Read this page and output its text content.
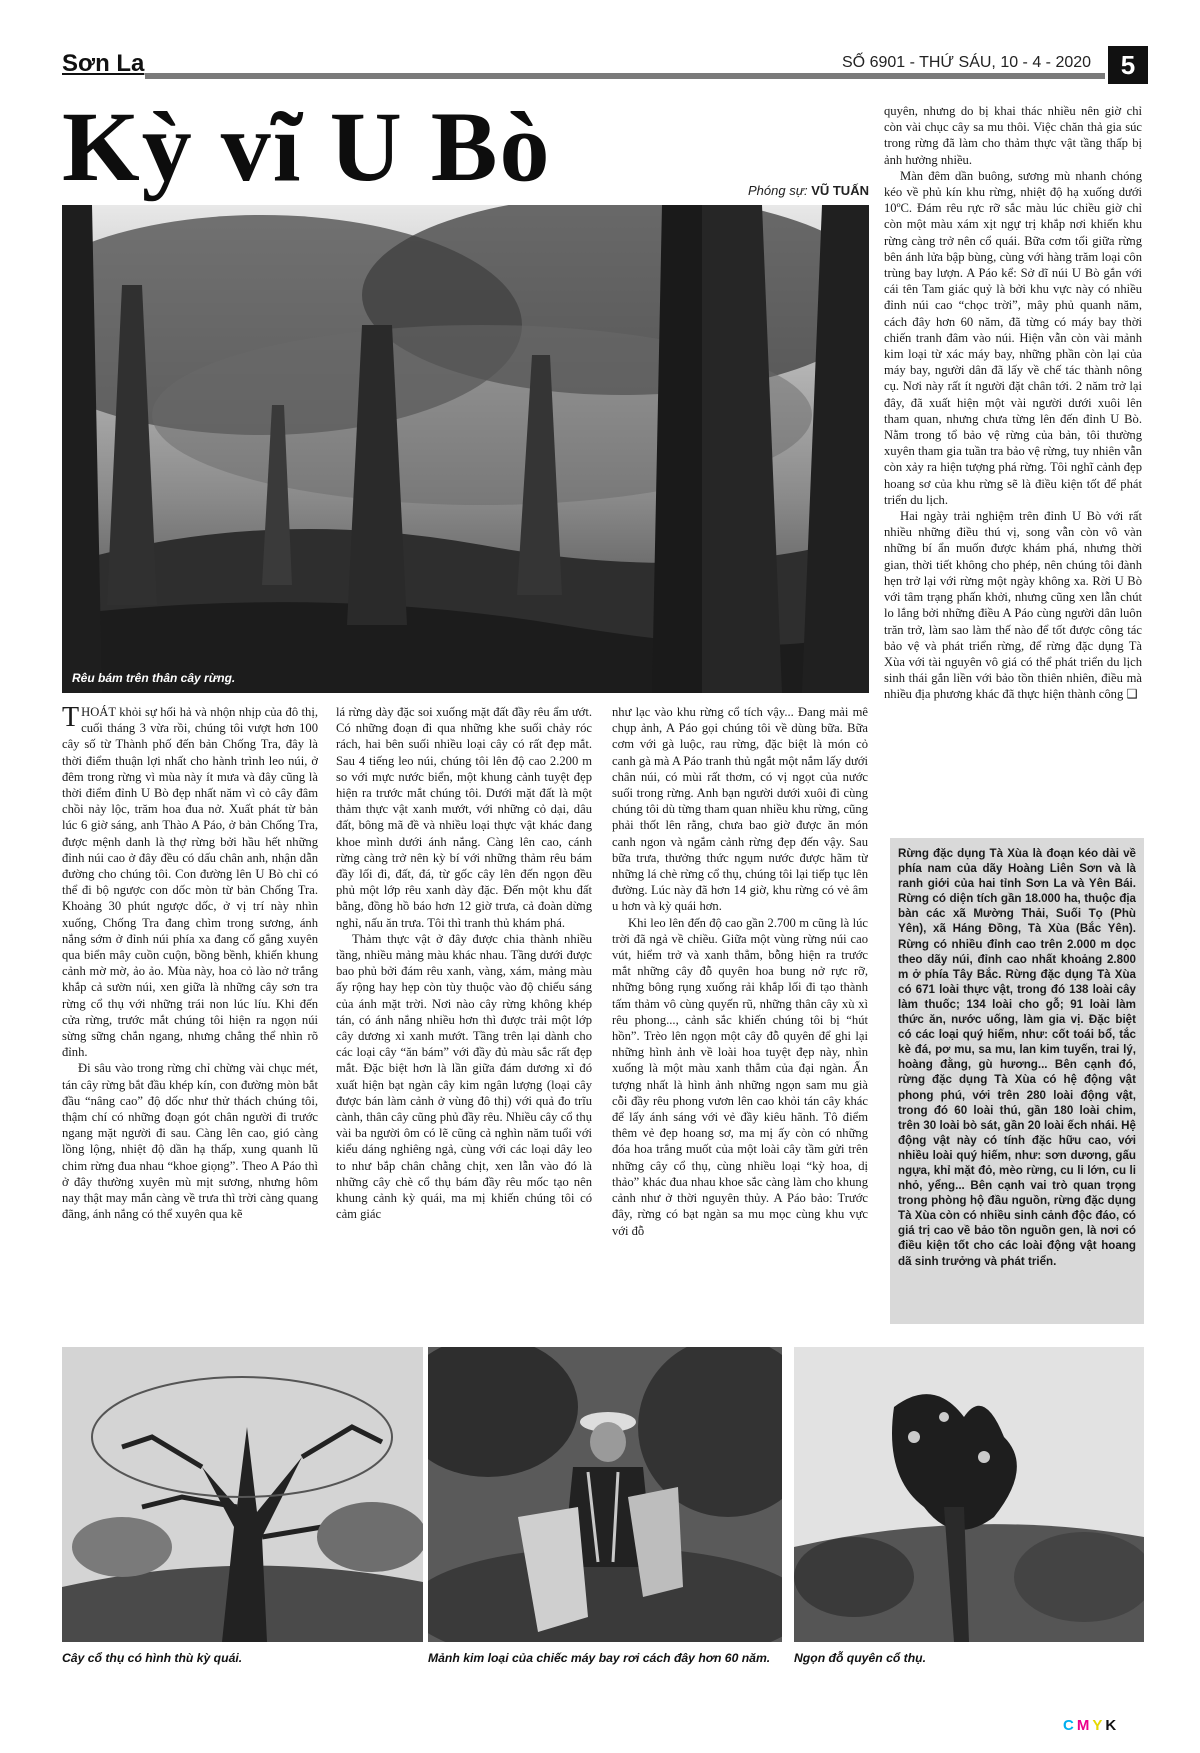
Sơn La	SỐ 6901 - THỨ SÁU, 10 - 4 - 2020	5
Kỳ vĩ U Bò	Phóng sự: VŨ TUẤN
Rêu bám trên thân cây rừng.

quyên, nhưng do bị khai thác nhiều nên giờ chỉ còn vài chục cây sa mu thôi. Việc chăn thả gia súc trong rừng đã làm cho thảm thực vật tầng thấp bị ảnh hưởng nhiều.

Màn đêm dần buông, sương mù nhanh chóng kéo về phủ kín khu rừng, nhiệt độ hạ xuống dưới 10ºC. Đám rêu rực rỡ sắc màu lúc chiều giờ chỉ còn một màu xám xịt ngự trị khắp nơi khiến khu rừng càng trở nên cổ quái. Bữa cơm tối giữa rừng bên ánh lửa bập bùng, cùng với hàng trăm loại côn trùng bay lượn. A Páo kể: Sở dĩ núi U Bò gắn với cái tên Tam giác quỷ là bởi khu vực này có nhiều đỉnh núi cao “chọc trời”, mây phủ quanh năm, cách đây hơn 60 năm, đã từng có máy bay thời chiến tranh đâm vào núi. Hiện vẫn còn vài mảnh kim loại từ xác máy bay, những phần còn lại của máy bay, người dân đã lấy về chế tác thành nông cụ. Nơi này rất ít người đặt chân tới. 2 năm trở lại đây, đã xuất hiện một vài người dưới xuôi lên tham quan, nhưng chưa từng lên đến đỉnh U Bò. Nằm trong tổ bảo vệ rừng của bản, tôi thường xuyên tham gia tuần tra bảo vệ rừng, tuy nhiên vẫn còn xảy ra hiện tượng phá rừng. Tôi nghĩ cảnh đẹp hoang sơ của khu rừng sẽ là điều kiện tốt để phát triển du lịch.

Hai ngày trải nghiệm trên đỉnh U Bò với rất nhiều những điều thú vị, song vẫn còn vô vàn những bí ẩn muốn được khám phá, nhưng thời gian, thời tiết không cho phép, nên chúng tôi đành hẹn trở lại với rừng một ngày không xa. Rời U Bò với tâm trạng phấn khởi, nhưng cũng xen lẫn chút lo lắng bởi những điều A Páo cùng người dân luôn trăn trở, làm sao làm thế nào để tốt được công tác bảo vệ và phát triển rừng, để rừng đặc dụng Tà Xùa với tài nguyên vô giá có thể phát triển du lịch sinh thái gắn liền với bảo tồn thiên nhiên, điều mà nhiều địa phương khác đã thực hiện thành công ❑

THOÁT khỏi sự hối hả và nhộn nhịp của đô thị, cuối tháng 3 vừa rồi, chúng tôi vượt hơn 100 cây số từ Thành phố đến bản Chống Tra, đây là thời điểm thuận lợi nhất cho hành trình leo núi, ở đêm trong rừng vì mùa này ít mưa và đây cũng là thời điểm đỉnh U Bò đẹp nhất năm vì cỏ cây đâm chồi nảy lộc, trăm hoa đua nở. Xuất phát từ bản lúc 6 giờ sáng, anh Thào A Páo, ở bản Chống Tra, được mệnh danh là thợ rừng bởi hầu hết những đỉnh núi cao ở đây đều có dấu chân anh, nhận dẫn đường cho chúng tôi. Con đường lên U Bò chỉ có thể đi bộ ngược con dốc mòn từ bản Chống Tra. Khoảng 30 phút ngược dốc, ở vị trí này nhìn xuống, Chống Tra đang chìm trong sương, ánh nắng sớm ở đỉnh núi phía xa đang cố gắng xuyên qua biển mây cuồn cuộn, bồng bềnh, khiến khung cảnh mờ mờ, ảo ảo. Mùa này, hoa cỏ lào nở trắng khắp cả sườn núi, xen giữa là những cây sơn tra rừng cổ thụ với những trái non lúc líu. Khi đến cửa rừng, trước mắt chúng tôi hiện ra ngọn núi sừng sững chắn ngang, nhưng chẳng thể nhìn rõ đỉnh.

Đi sâu vào trong rừng chỉ chừng vài chục mét, tán cây rừng bắt đầu khép kín, con đường mòn bắt đầu “nâng cao” độ dốc như thử thách chúng tôi, thậm chí có những đoạn gót chân người đi trước ngang mặt người đi sau. Càng lên cao, gió càng lồng lộng, nhiệt độ dần hạ thấp, xung quanh lũ chim rừng đua nhau “khoe giọng”. Theo A Páo thì ở đây thường xuyên mù mịt sương, nhưng hôm nay thật may mắn càng về trưa thì trời càng quang đãng, ánh nắng có thể xuyên qua kẽ

lá rừng dày đặc soi xuống mặt đất đầy rêu ẩm ướt. Có những đoạn đi qua những khe suối chảy róc rách, hai bên suối nhiều loại cây có rất đẹp mắt. Sau 4 tiếng leo núi, chúng tôi lên độ cao 2.200 m so với mực nước biển, một khung cảnh tuyệt đẹp hiện ra trước mắt chúng tôi. Dưới mặt đất là một thảm thực vật xanh mướt, với những cỏ dại, dâu đất, bông mã đề và nhiều loại thực vật khác đang khoe mình dưới ánh nắng. Càng lên cao, cánh rừng càng trở nên kỳ bí với những thảm rêu bám đầy lối đi, đất, đá, từ gốc cây lên đến ngọn đều phủ một lớp rêu xanh dày đặc. Đến một khu đất bằng, đồng hồ báo hơn 12 giờ trưa, cả đoàn dừng nghỉ, nấu ăn trưa. Tôi thì tranh thủ khám phá.

Thảm thực vật ở đây được chia thành nhiều tầng, nhiều mảng màu khác nhau. Tầng dưới được bao phủ bởi đám rêu xanh, vàng, xám, mảng màu ấy rộng hay hẹp còn tùy thuộc vào độ chiếu sáng của ánh mặt trời. Nơi nào cây rừng không khép tán, có ánh nắng nhiều hơn thì được trải một lớp cây dương xỉ xanh mướt. Tầng trên lại dành cho các loại cây “ăn bám” với đầy đủ màu sắc rất đẹp mắt. Đặc biệt hơn là lần giữa đám dương xỉ đó xuất hiện bạt ngàn cây kim ngân lượng (loại cây được bán làm cảnh ở vùng đô thị) với quả đo trĩu cành, thân cây cũng phủ đầy rêu. Nhiều cây cổ thụ vài ba người ôm có lẽ cũng cả nghìn năm tuổi với kiểu dáng nghiêng ngả, cùng với các loại dây leo to như bắp chân chằng chịt, xen lẫn vào đó là những cây chè cổ thụ bám đầy rêu mốc tạo nên khung cảnh kỳ quái, ma mị khiến chúng tôi có cảm giác

như lạc vào khu rừng cổ tích vậy... Đang mải mê chụp ảnh, A Páo gọi chúng tôi về dùng bữa. Bữa cơm với gà luộc, rau rừng, đặc biệt là món cỏ canh gà mà A Páo tranh thủ ngắt một nắm lấy dưới chân núi, có mùi rất thơm, có vị ngọt của nước suối trong rừng. Anh bạn người dưới xuôi đi cùng chúng tôi dù từng tham quan nhiều khu rừng, cũng phải thốt lên rằng, chưa bao giờ được ăn món canh ngon và ngắm cảnh rừng đẹp đến vậy. Sau bữa trưa, thưởng thức ngụm nước được hãm từ những lá chè rừng cổ thụ, chúng tôi lại tiếp tục lên đường. Lúc này đã hơn 14 giờ, khu rừng có vẻ âm u hơn và kỳ quái hơn.

Khi leo lên đến độ cao gần 2.700 m cũng là lúc trời đã ngả về chiều. Giữa một vùng rừng núi cao vút, hiểm trở và xanh thẳm, bỗng hiện ra trước mắt những cây đỗ quyên hoa bung nở rực rỡ, những bông rụng xuống rải khắp lối đi tạo thành tấm thảm vô cùng quyến rũ, những thân cây xù xì rêu phong..., cảnh sắc khiến chúng tôi bị “hút hồn”. Trèo lên ngọn một cây đỗ quyên để ghi lại những hình ảnh về loài hoa tuyệt đẹp này, nhìn xuống là một màu xanh thẳm của đại ngàn. Ấn tượng nhất là hình ảnh những ngọn sam mu già cỗi đầy rêu phong vươn lên cao khỏi tán cây khác để lấy ánh sáng với vẻ đầy kiêu hãnh. Tô điểm thêm vẻ đẹp hoang sơ, ma mị ấy còn có những đóa hoa trắng muốt của một loài cây tầm gửi trên những cây cổ thụ, cùng nhiều loại “kỳ hoa, dị thảo” khác đua nhau khoe sắc càng làm cho khung cảnh như ở thời nguyên thủy. A Páo bảo: Trước đây, rừng có bạt ngàn sa mu mọc cùng khu vực với đỗ

Rừng đặc dụng Tà Xùa là đoạn kéo dài về phía nam của dãy Hoàng Liên Sơn và là ranh giới của hai tỉnh Sơn La và Yên Bái. Rừng có diện tích gần 18.000 ha, thuộc địa bàn các xã Mường Thải, Suối Tọ (Phù Yên), xã Háng Đồng, Tà Xùa (Bắc Yên). Rừng có nhiều đỉnh cao trên 2.000 m dọc theo dãy núi, đỉnh cao nhất khoảng 2.800 m ở phía Tây Bắc. Rừng đặc dụng Tà Xùa có 671 loài thực vật, trong đó 138 loài cây làm thuốc; 134 loài cho gỗ; 91 loài làm thức ăn, nước uống, làm gia vị. Đặc biệt có các loại quý hiếm, như: cốt toái bổ, tắc kè đá, pơ mu, sa mu, lan kim tuyến, trai lý, hoàng đằng, gù hương... Bên cạnh đó, rừng đặc dụng Tà Xùa có hệ động vật phong phú, với trên 280 loài động vật, trong đó 60 loài thú, gần 180 loài chim, trên 30 loài bò sát, gần 20 loài ếch nhái. Hệ động vật này có tính đặc hữu cao, với nhiều loài quý hiếm, như: sơn dương, gấu ngựa, khỉ mặt đỏ, mèo rừng, cu li lớn, cu li nhỏ, yểng... Bên cạnh vai trò quan trọng trong phòng hộ đầu nguồn, rừng đặc dụng Tà Xùa còn có nhiều sinh cảnh độc đáo, có giá trị cao về bảo tồn nguồn gen, là nơi có điều kiện tốt cho các loài động vật hoang dã sinh trưởng và phát triển.
Cây cổ thụ có hình thù kỳ quái.	Mảnh kim loại của chiếc máy bay rơi cách đây hơn 60 năm. Ngọn đỗ quyên cổ thụ.
CMYK
